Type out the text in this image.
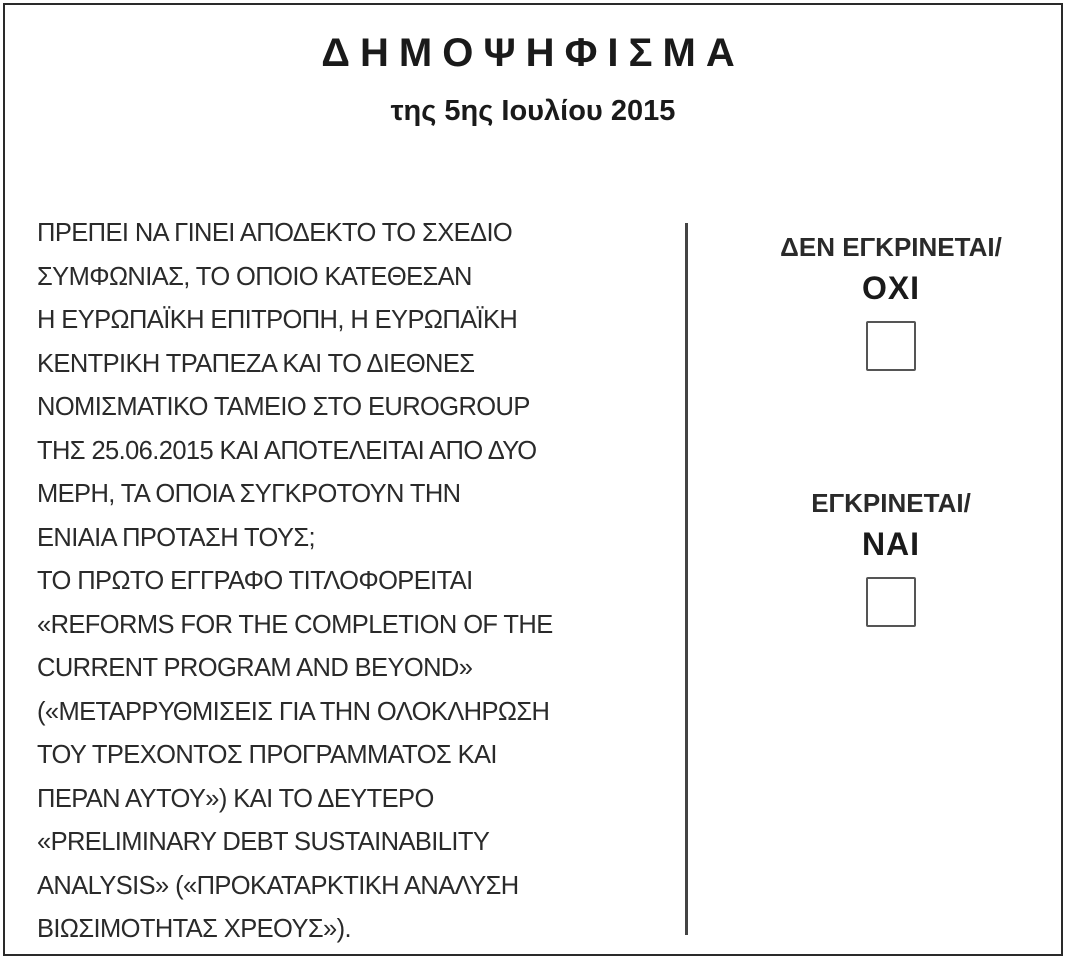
ΔΗΜΟΨΗΦΙΣΜΑ
της 5ης Ιουλίου 2015
ΠΡΕΠΕΙ ΝΑ ΓΙΝΕΙ ΑΠΟΔΕΚΤΟ ΤΟ ΣΧΕΔΙΟ
ΣΥΜΦΩΝΙΑΣ, ΤΟ ΟΠΟΙΟ ΚΑΤΕΘΕΣΑΝ
Η ΕΥΡΩΠΑΪΚΗ ΕΠΙΤΡΟΠΗ, Η ΕΥΡΩΠΑΪΚΗ
ΚΕΝΤΡΙΚΗ ΤΡΑΠΕΖΑ ΚΑΙ ΤΟ ΔΙΕΘΝΕΣ
ΝΟΜΙΣΜΑΤΙΚΟ ΤΑΜΕΙΟ ΣΤΟ EUROGROUP
ΤΗΣ 25.06.2015 ΚΑΙ ΑΠΟΤΕΛΕΙΤΑΙ ΑΠΟ ΔΥΟ
ΜΕΡΗ, ΤΑ ΟΠΟΙΑ ΣΥΓΚΡΟΤΟΥΝ ΤΗΝ
ΕΝΙΑΙΑ ΠΡΟΤΑΣΗ ΤΟΥΣ;
ΤΟ ΠΡΩΤΟ ΕΓΓΡΑΦΟ ΤΙΤΛΟΦΟΡΕΙΤΑΙ
«REFORMS FOR THE COMPLETION OF THE
CURRENT PROGRAM AND BEYOND»
(«ΜΕΤΑΡΡΥΘΜΙΣΕΙΣ ΓΙΑ ΤΗΝ ΟΛΟΚΛΗΡΩΣΗ
ΤΟΥ ΤΡΕΧΟΝΤΟΣ ΠΡΟΓΡΑΜΜΑΤΟΣ ΚΑΙ
ΠΕΡΑΝ ΑΥΤΟΥ») ΚΑΙ ΤΟ ΔΕΥΤΕΡΟ
«PRELIMINARY DEBT SUSTAINABILITY
ANALYSIS» («ΠΡΟΚΑΤΑΡΚΤΙΚΗ ΑΝΑΛΥΣΗ
ΒΙΩΣΙΜΟΤΗΤΑΣ ΧΡΕΟΥΣ»).
ΔΕΝ ΕΓΚΡΙΝΕΤΑΙ/
ΟΧΙ
ΕΓΚΡΙΝΕΤΑΙ/
ΝΑΙ
